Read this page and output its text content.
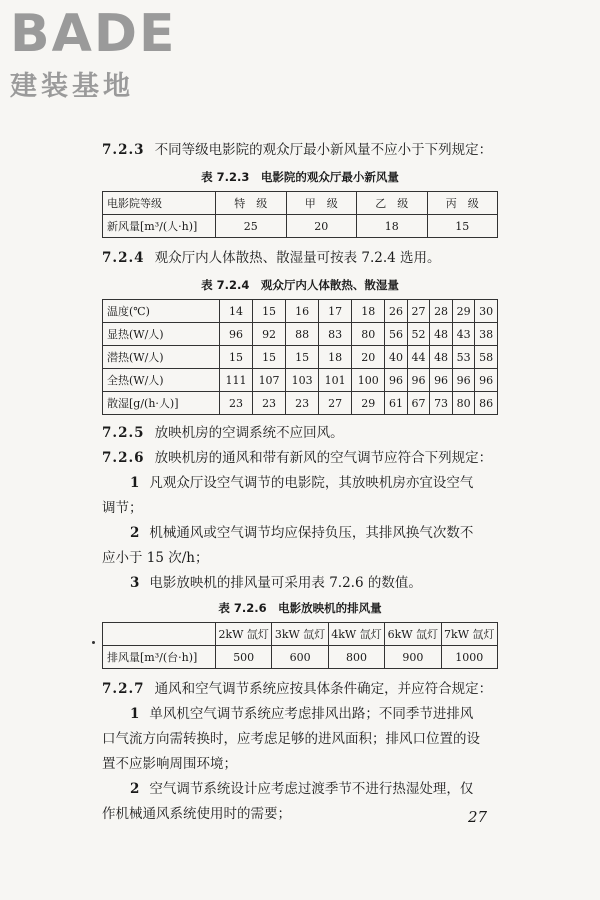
BADE
建装基地

7.2.3 不同等级电影院的观众厅最小新风量不应小于下列规定：

表 7.2.3　电影院的观众厅最小新风量
电影院等级	特　级	甲　级	乙　级	丙　级
新风量[m³/(人·h)]	25	20	18	15

7.2.4 观众厅内人体散热、散湿量可按表 7.2.4 选用。

表 7.2.4　观众厅内人体散热、散湿量
温度(℃)	14	15	16	17	18	26	27	28	29	30
显热(W/人)	96	92	88	83	80	56	52	48	43	38
潜热(W/人)	15	15	15	18	20	40	44	48	53	58
全热(W/人)	111	107	103	101	100	96	96	96	96	96
散湿[g/(h·人)]	23	23	23	27	29	61	67	73	80	86

7.2.5 放映机房的空调系统不应回风。

7.2.6 放映机房的通风和带有新风的空气调节应符合下列规定：

1 凡观众厅设空气调节的电影院，其放映机房亦宜设空气

调节；

2 机械通风或空气调节均应保持负压，其排风换气次数不

应小于 15 次/h；

3 电影放映机的排风量可采用表 7.2.6 的数值。

表 7.2.6　电影放映机的排风量
	2kW 氙灯	3kW 氙灯	4kW 氙灯	6kW 氙灯	7kW 氙灯
排风量[m³/(台·h)]	500	600	800	900	1000

7.2.7 通风和空气调节系统应按具体条件确定，并应符合规定：

1 单风机空气调节系统应考虑排风出路；不同季节进排风

口气流方向需转换时，应考虑足够的进风面积；排风口位置的设

置不应影响周围环境；

2 空气调节系统设计应考虑过渡季节不进行热湿处理，仅

作机械通风系统使用时的需要；	27
